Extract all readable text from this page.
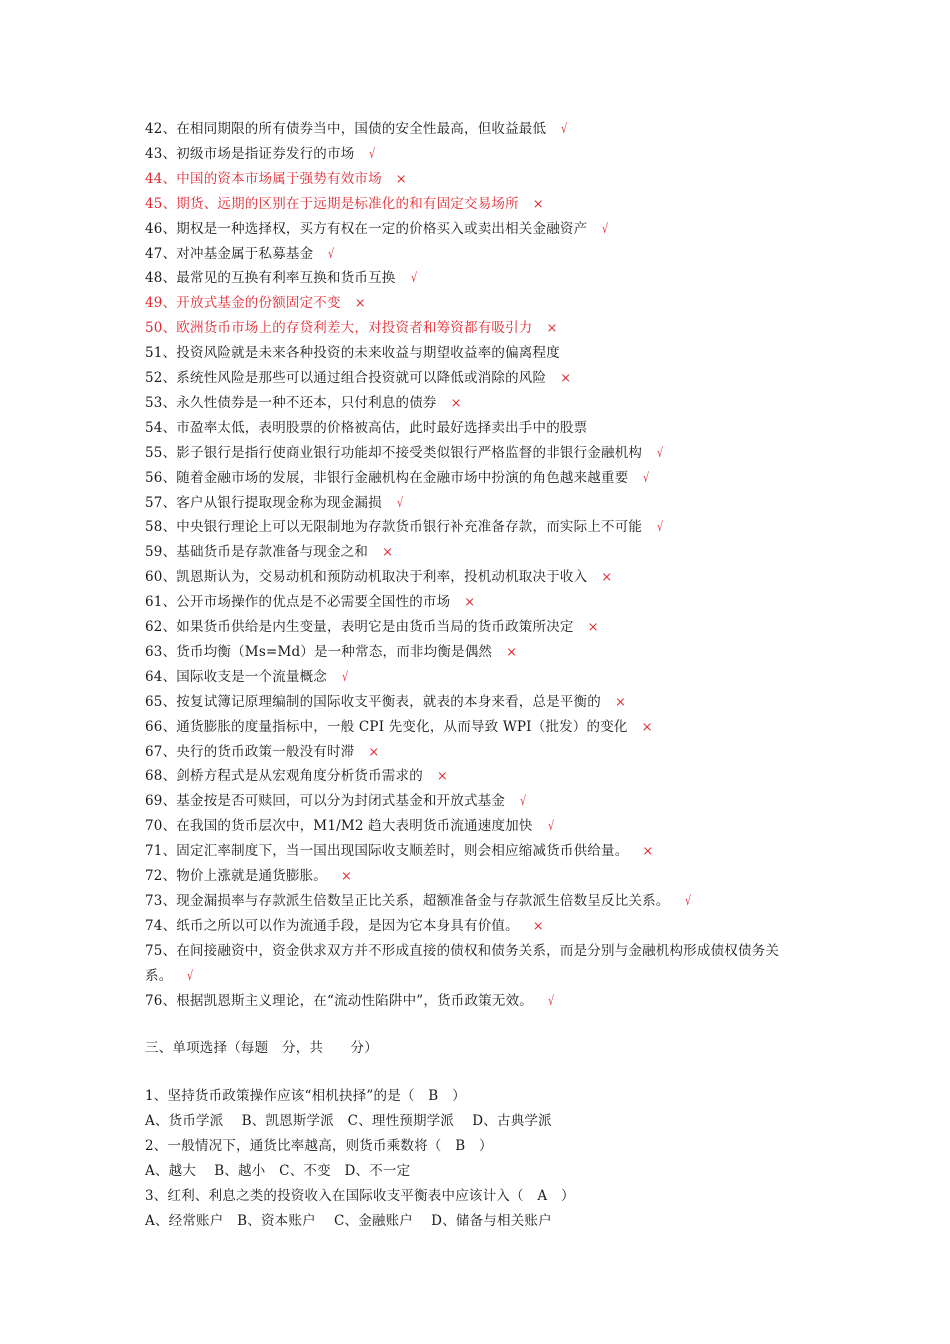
42、在相同期限的所有债券当中，国债的安全性最高，但收益最低 √
43、初级市场是指证券发行的市场 √
44、中国的资本市场属于强势有效市场 ×
45、期货、远期的区别在于远期是标准化的和有固定交易场所 ×
46、期权是一种选择权，买方有权在一定的价格买入或卖出相关金融资产 √
47、对冲基金属于私募基金 √
48、最常见的互换有利率互换和货币互换 √
49、开放式基金的份额固定不变 ×
50、欧洲货币市场上的存贷利差大，对投资者和筹资都有吸引力 ×
51、投资风险就是未来各种投资的未来收益与期望收益率的偏离程度
52、系统性风险是那些可以通过组合投资就可以降低或消除的风险 ×
53、永久性债券是一种不还本，只付利息的债券 ×
54、市盈率太低，表明股票的价格被高估，此时最好选择卖出手中的股票
55、影子银行是指行使商业银行功能却不接受类似银行严格监督的非银行金融机构 √
56、随着金融市场的发展，非银行金融机构在金融市场中扮演的角色越来越重要 √
57、客户从银行提取现金称为现金漏损 √
58、中央银行理论上可以无限制地为存款货币银行补充准备存款，而实际上不可能 √
59、基础货币是存款准备与现金之和 ×
60、凯恩斯认为，交易动机和预防动机取决于利率，投机动机取决于收入 ×
61、公开市场操作的优点是不必需要全国性的市场 ×
62、如果货币供给是内生变量，表明它是由货币当局的货币政策所决定 ×
63、货币均衡（Ms=Md）是一种常态，而非均衡是偶然 ×
64、国际收支是一个流量概念 √
65、按复试簿记原理编制的国际收支平衡表，就表的本身来看，总是平衡的 ×
66、通货膨胀的度量指标中，一般 CPI 先变化，从而导致 WPI（批发）的变化 ×
67、央行的货币政策一般没有时滞 ×
68、剑桥方程式是从宏观角度分析货币需求的 ×
69、基金按是否可赎回，可以分为封闭式基金和开放式基金 √
70、在我国的货币层次中，M1/M2 趋大表明货币流通速度加快 √
71、固定汇率制度下，当一国出现国际收支顺差时，则会相应缩减货币供给量。 ×
72、物价上涨就是通货膨胀。 ×
73、现金漏损率与存款派生倍数呈正比关系，超额准备金与存款派生倍数呈反比关系。 √
74、纸币之所以可以作为流通手段，是因为它本身具有价值。 ×
75、在间接融资中，资金供求双方并不形成直接的债权和债务关系，而是分别与金融机构形成债权债务关
系。 √
76、根据凯恩斯主义理论，在“流动性陷阱中”，货币政策无效。 √
三、单项选择（每题　分，共　　分）
1、坚持货币政策操作应该“相机抉择”的是（　B　）
A、货币学派　 B、凯恩斯学派　C、理性预期学派　 D、古典学派
2、一般情况下，通货比率越高，则货币乘数将（　B　）
A、越大　 B、越小　C、不变　D、不一定
3、红利、利息之类的投资收入在国际收支平衡表中应该计入（　A　）
A、经常账户　B、资本账户　 C、金融账户　 D、储备与相关账户
